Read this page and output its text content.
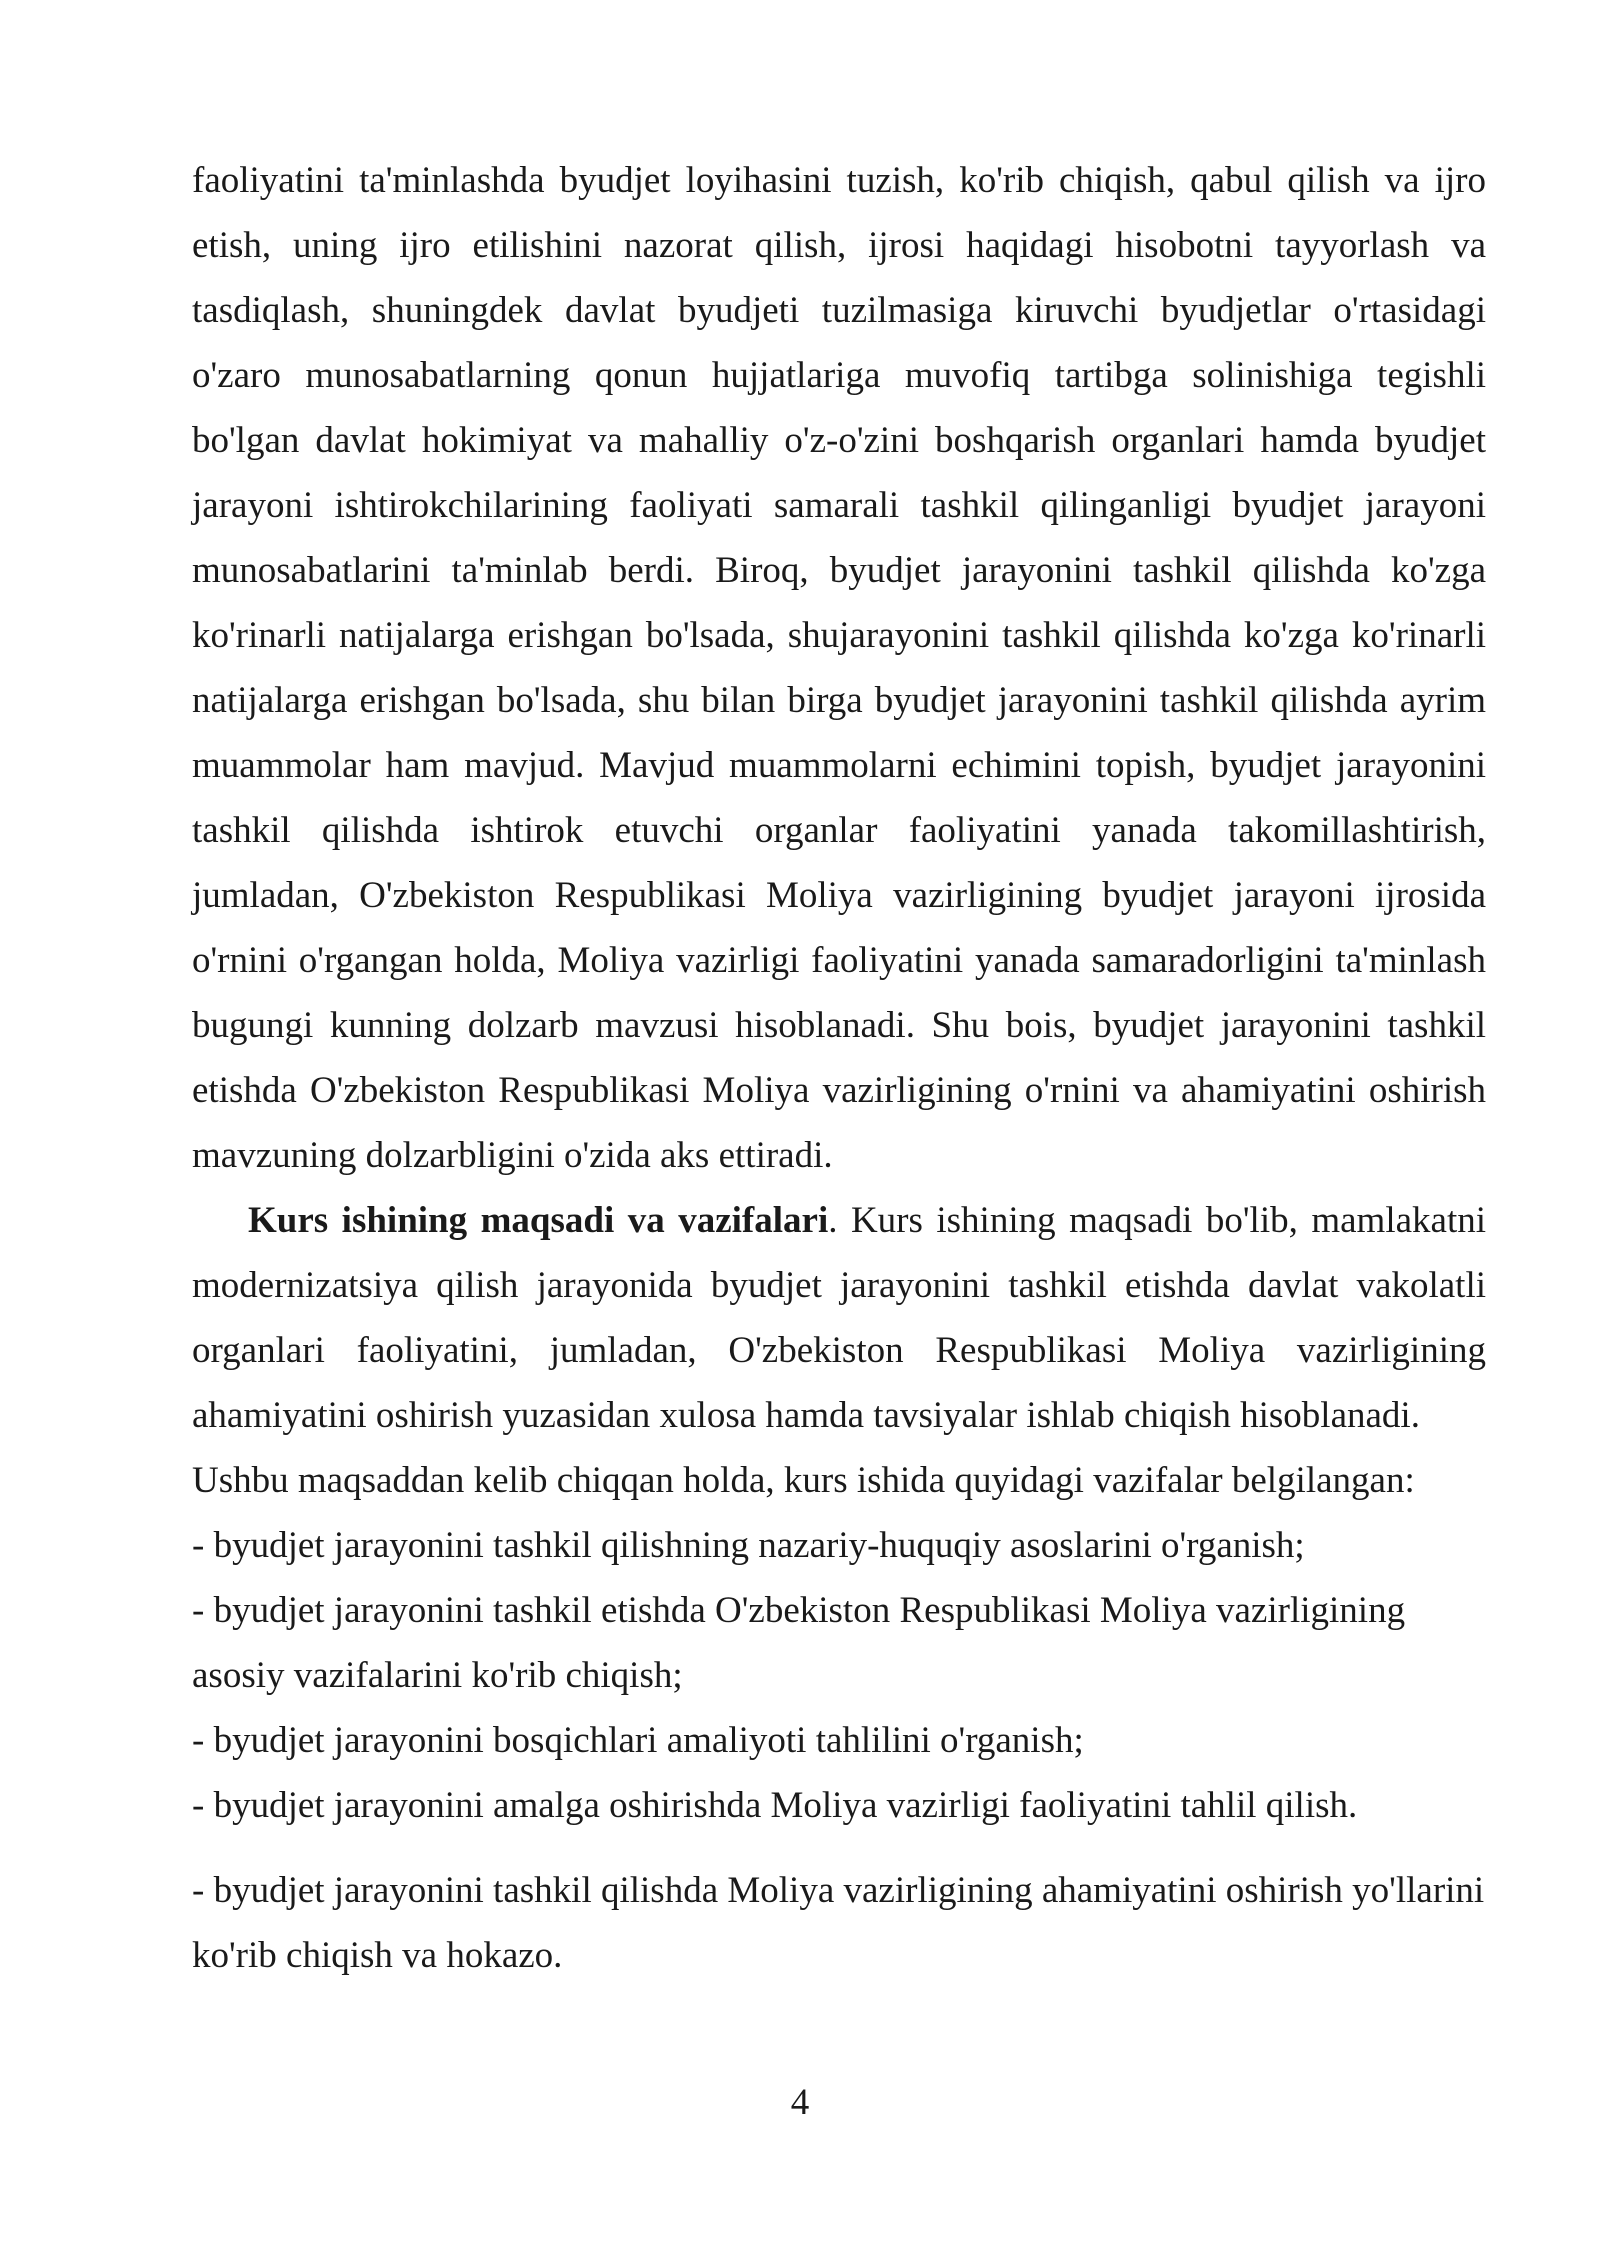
faoliyatini ta'minlashda byudjet loyihasini tuzish, ko'rib chiqish, qabul qilish va ijro etish, uning ijro etilishini nazorat qilish, ijrosi haqidagi hisobotni tayyorlash va tasdiqlash, shuningdek davlat byudjeti tuzilmasiga kiruvchi byudjetlar o'rtasidagi o'zaro munosabatlarning qonun hujjatlariga muvofiq tartibga solinishiga tegishli bo'lgan davlat hokimiyat va mahalliy o'z-o'zini boshqarish organlari hamda byudjet jarayoni ishtirokchilarining faoliyati samarali tashkil qilinganligi byudjet jarayoni munosabatlarini ta'minlab berdi. Biroq, byudjet jarayonini tashkil qilishda ko'zga ko'rinarli natijalarga erishgan bo'lsada, shujarayonini tashkil qilishda ko'zga ko'rinarli natijalarga erishgan bo'lsada, shu bilan birga byudjet jarayonini tashkil qilishda ayrim muammolar ham mavjud. Mavjud muammolarni echimini topish, byudjet jarayonini tashkil qilishda ishtirok etuvchi organlar faoliyatini yanada takomillashtirish, jumladan, O'zbekiston Respublikasi Moliya vazirligining byudjet jarayoni ijrosida o'rnini o'rgangan holda, Moliya vazirligi faoliyatini yanada samaradorligini ta'minlash bugungi kunning dolzarb mavzusi hisoblanadi. Shu bois, byudjet jarayonini tashkil etishda O'zbekiston Respublikasi Moliya vazirligining o'rnini va ahamiyatini oshirish mavzuning dolzarbligini o'zida aks ettiradi.

Kurs ishining maqsadi va vazifalari. Kurs ishining maqsadi bo'lib, mamlakatni modernizatsiya qilish jarayonida byudjet jarayonini tashkil etishda davlat vakolatli organlari faoliyatini, jumladan, O'zbekiston Respublikasi Moliya vazirligining ahamiyatini oshirish yuzasidan xulosa hamda tavsiyalar ishlab chiqish hisoblanadi.

Ushbu maqsaddan kelib chiqqan holda, kurs ishida quyidagi vazifalar belgilangan:

- byudjet jarayonini tashkil qilishning nazariy-huquqiy asoslarini o'rganish;

- byudjet jarayonini tashkil etishda O'zbekiston Respublikasi Moliya vazirligining asosiy vazifalarini ko'rib chiqish;

- byudjet jarayonini bosqichlari amaliyoti tahlilini o'rganish;

- byudjet jarayonini amalga oshirishda Moliya vazirligi faoliyatini tahlil qilish.

- byudjet jarayonini tashkil qilishda Moliya vazirligining ahamiyatini oshirish yo'llarini ko'rib chiqish va hokazo.

4
